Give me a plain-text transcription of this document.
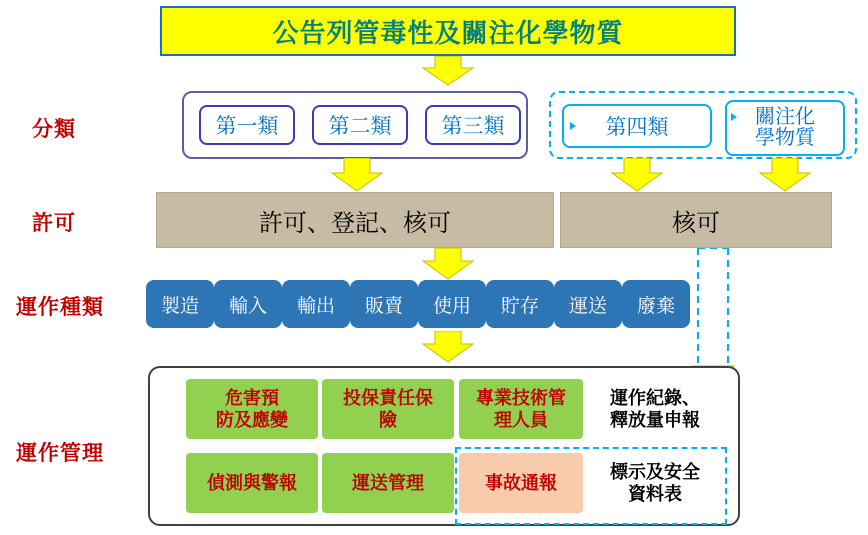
公告列管毒性及關注化學物質
分類
許可
運作種類
運作管理
第一類 第二類 第三類	第四類	關注化
學物質
許可、登記、核可	核可
製造 輸入 輸出 販賣 使用 貯存 運送 廢棄
危害預
防及應變
投保責任保
險
專業技術管
理人員
運作紀錄、
釋放量申報
偵測與警報	運送管理	事故通報
標示及安全
資料表
